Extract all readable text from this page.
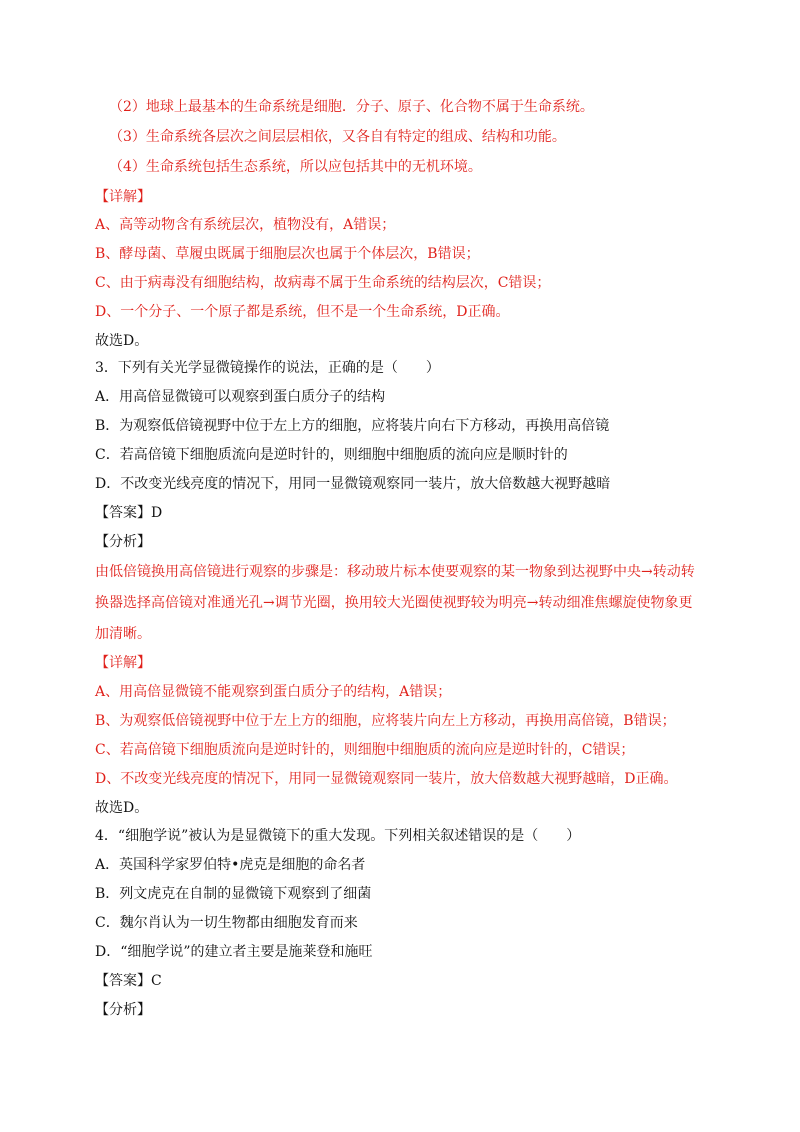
（2）地球上最基本的生命系统是细胞．分子、原子、化合物不属于生命系统。
（3）生命系统各层次之间层层相依，又各自有特定的组成、结构和功能。
（4）生命系统包括生态系统，所以应包括其中的无机环境。
【详解】
A、高等动物含有系统层次，植物没有，A错误；
B、酵母菌、草履虫既属于细胞层次也属于个体层次，B错误；
C、由于病毒没有细胞结构，故病毒不属于生命系统的结构层次，C错误；
D、一个分子、一个原子都是系统，但不是一个生命系统，D正确。
故选D。
3．下列有关光学显微镜操作的说法，正确的是（　　）
A．用高倍显微镜可以观察到蛋白质分子的结构
B．为观察低倍镜视野中位于左上方的细胞，应将装片向右下方移动，再换用高倍镜
C．若高倍镜下细胞质流向是逆时针的，则细胞中细胞质的流向应是顺时针的
D．不改变光线亮度的情况下，用同一显微镜观察同一装片，放大倍数越大视野越暗
【答案】D
【分析】
由低倍镜换用高倍镜进行观察的步骤是：移动玻片标本使要观察的某一物象到达视野中央→转动转
换器选择高倍镜对准通光孔→调节光圈，换用较大光圈使视野较为明亮→转动细准焦螺旋使物象更
加清晰。
【详解】
A、用高倍显微镜不能观察到蛋白质分子的结构，A错误；
B、为观察低倍镜视野中位于左上方的细胞，应将装片向左上方移动，再换用高倍镜，B错误；
C、若高倍镜下细胞质流向是逆时针的，则细胞中细胞质的流向应是逆时针的，C错误；
D、不改变光线亮度的情况下，用同一显微镜观察同一装片，放大倍数越大视野越暗，D正确。
故选D。
4．“细胞学说”被认为是显微镜下的重大发现。下列相关叙述错误的是（　　）
A．英国科学家罗伯特•虎克是细胞的命名者
B．列文虎克在自制的显微镜下观察到了细菌
C．魏尔肖认为一切生物都由细胞发育而来
D．“细胞学说”的建立者主要是施莱登和施旺
【答案】C
【分析】
